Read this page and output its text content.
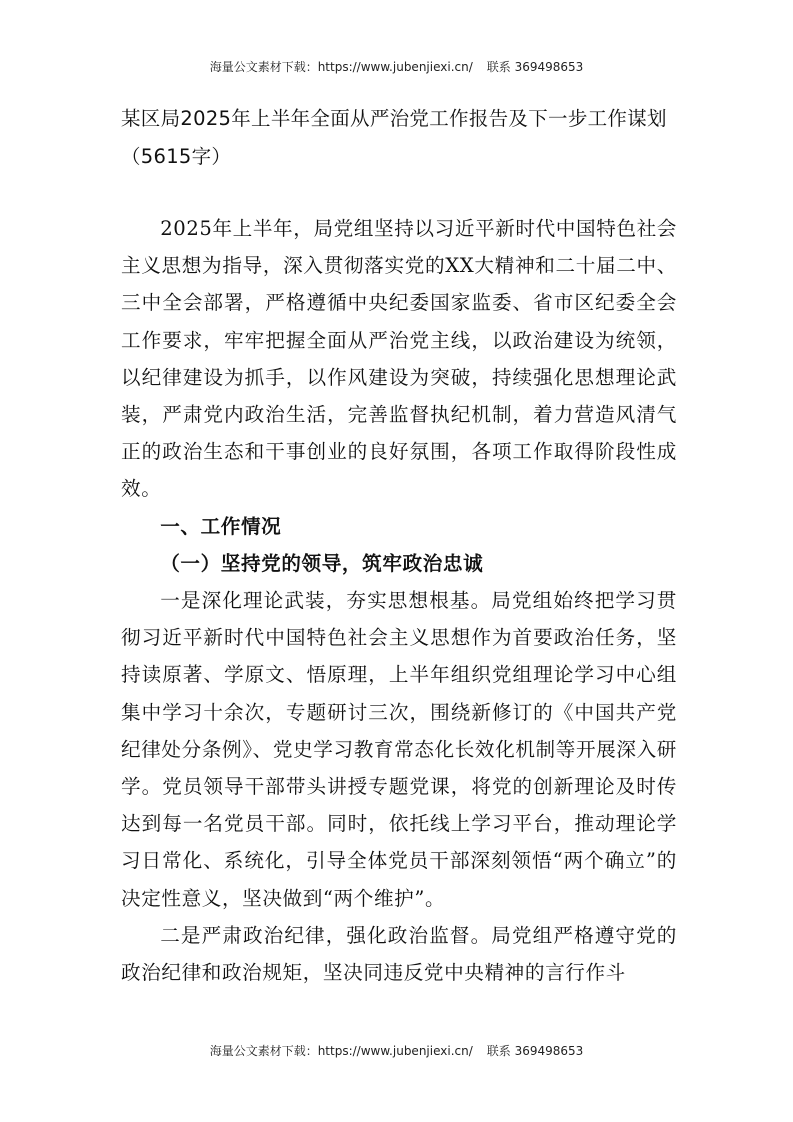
海量公文素材下载：https://www.jubenjiexi.cn/ 联系 369498653
某区局2025年上半年全面从严治党工作报告及下一步工作谋划（5615字）

2025年上半年，局党组坚持以习近平新时代中国特色社会主义思想为指导，深入贯彻落实党的XX大精神和二十届二中、三中全会部署，严格遵循中央纪委国家监委、省市区纪委全会工作要求，牢牢把握全面从严治党主线，以政治建设为统领，以纪律建设为抓手，以作风建设为突破，持续强化思想理论武装，严肃党内政治生活，完善监督执纪机制，着力营造风清气正的政治生态和干事创业的良好氛围，各项工作取得阶段性成效。

一、工作情况
（一）坚持党的领导，筑牢政治忠诚

一是深化理论武装，夯实思想根基。局党组始终把学习贯彻习近平新时代中国特色社会主义思想作为首要政治任务，坚持读原著、学原文、悟原理，上半年组织党组理论学习中心组集中学习十余次，专题研讨三次，围绕新修订的《中国共产党纪律处分条例》、党史学习教育常态化长效化机制等开展深入研学。党员领导干部带头讲授专题党课，将党的创新理论及时传达到每一名党员干部。同时，依托线上学习平台，推动理论学习日常化、系统化，引导全体党员干部深刻领悟“两个确立”的决定性意义，坚决做到“两个维护”。

二是严肃政治纪律，强化政治监督。局党组严格遵守党的政治纪律和政治规矩，坚决同违反党中央精神的言行作斗

海量公文素材下载：https://www.jubenjiexi.cn/ 联系 369498653
